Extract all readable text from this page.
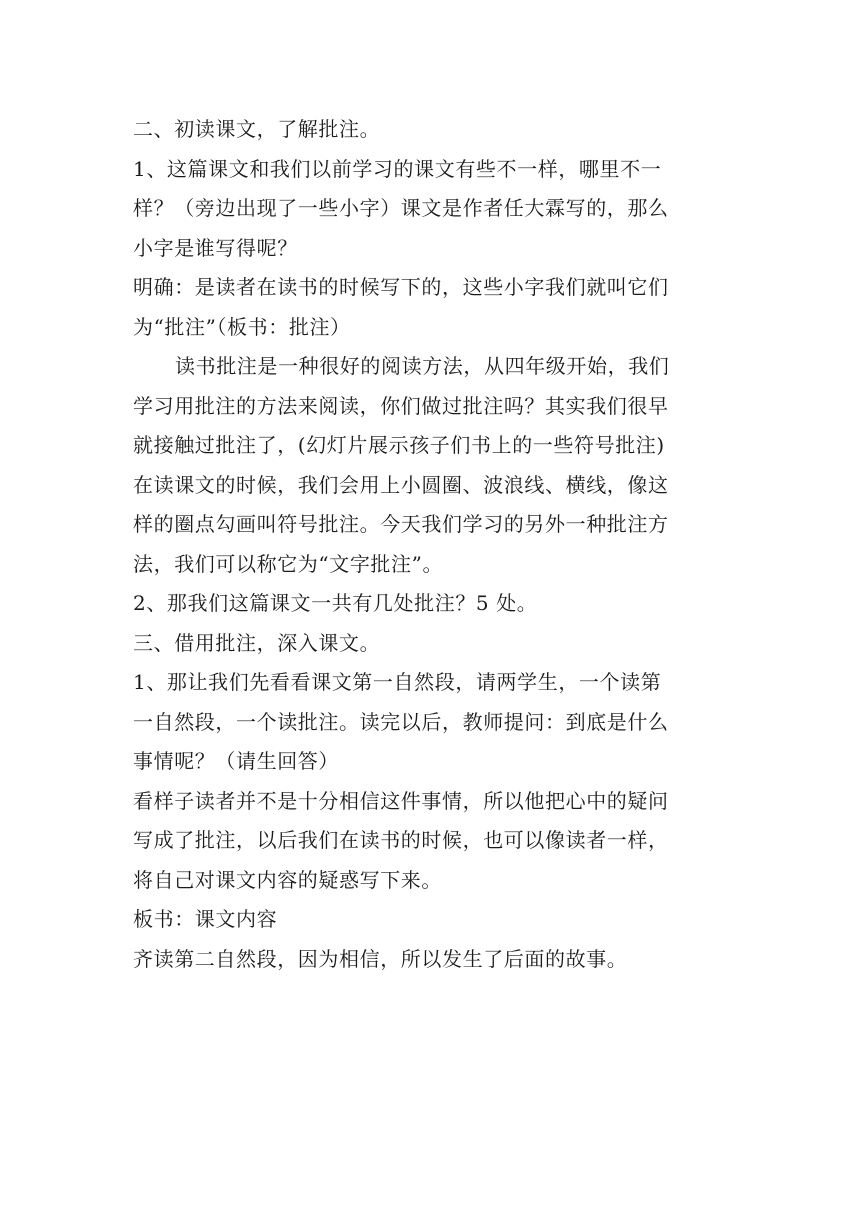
二、初读课文，了解批注。
1、这篇课文和我们以前学习的课文有些不一样，哪里不一
样？（旁边出现了一些小字）课文是作者任大霖写的，那么
小字是谁写得呢？
明确：是读者在读书的时候写下的，这些小字我们就叫它们
为“批注”（板书：批注）
读书批注是一种很好的阅读方法，从四年级开始，我们
学习用批注的方法来阅读，你们做过批注吗？其实我们很早
就接触过批注了，(幻灯片展示孩子们书上的一些符号批注)
在读课文的时候，我们会用上小圆圈、波浪线、横线，像这
样的圈点勾画叫符号批注。今天我们学习的另外一种批注方
法，我们可以称它为“文字批注”。
2、那我们这篇课文一共有几处批注？5 处。
三、借用批注，深入课文。
1、那让我们先看看课文第一自然段，请两学生，一个读第
一自然段，一个读批注。读完以后，教师提问：到底是什么
事情呢？（请生回答）
看样子读者并不是十分相信这件事情，所以他把心中的疑问
写成了批注，以后我们在读书的时候，也可以像读者一样，
将自己对课文内容的疑惑写下来。
板书：课文内容
齐读第二自然段，因为相信，所以发生了后面的故事。
